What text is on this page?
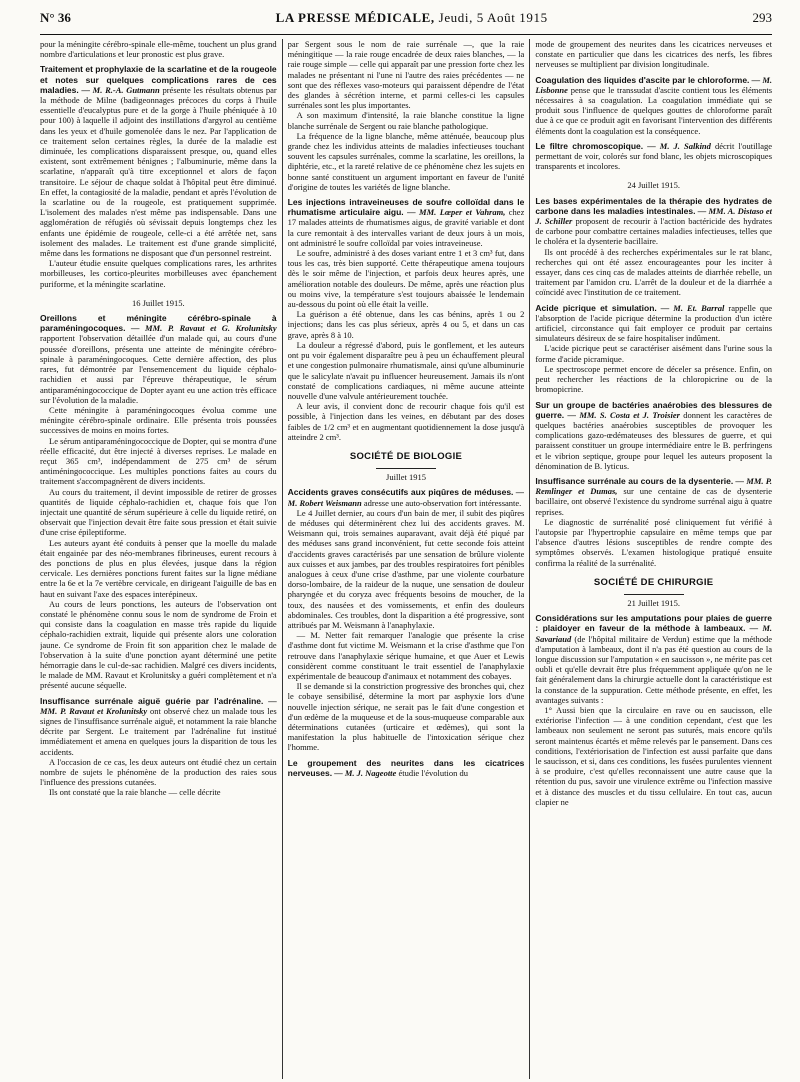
N° 36	LA PRESSE MÉDICALE, Jeudi, 5 Août 1915	293

pour la méningite cérébro-spinale elle-même, touchent un plus grand nombre d'articulations et leur pronostic est plus grave.

Traitement et prophylaxie de la scarlatine et de la rougeole et notes sur quelques complications rares de ces maladies. — M. R.-A. Gutmann présente les résultats obtenus par la méthode de Milne (badigeonnages précoces du corps à l'huile essentielle d'eucalyptus pure et de la gorge à l'huile phéniquée à 10 pour 100) à laquelle il adjoint des instillations d'argyrol au centième dans les yeux et d'huile gomenolée dans le nez. Par l'application de ce traitement selon certaines règles, la durée de la maladie est diminuée, les complications disparaissent presque, ou, quand elles existent, sont extrêmement bénignes ; l'albuminurie, même dans la scarlatine, n'apparaît qu'à titre exceptionnel et alors de façon transitoire. Le séjour de chaque soldat à l'hôpital peut être diminué. En effet, la contagiosité de la maladie, pendant et après l'évolution de la scarlatine ou de la rougeole, est pratiquement supprimée. L'isolement des malades n'est même pas indispensable. Dans une agglomération de réfugiés où sévissait depuis longtemps chez les enfants une épidémie de rougeole, celle-ci a été arrêtée net, sans isolement des malades. Le traitement est d'une grande simplicité, même dans les formations ne disposant que d'un personnel restreint.

L'auteur étudie ensuite quelques complications rares, les arthrites morbilleuses, les cortico-pleurites morbilleuses avec épanchement puriforme, et la méningite scarlatine.

16 Juillet 1915.

Oreillons et méningite cérébro-spinale à paraméningocoques. — MM. P. Ravaut et G. Krolunitsky rapportent l'observation détaillée d'un malade qui, au cours d'une poussée d'oreillons, présenta une atteinte de méningite cérébro-spinale à paraméningocoques. Cette dernière affection, des plus rares, fut démontrée par l'ensemencement du liquide céphalo-rachidien et aussi par l'épreuve thérapeutique, le sérum antiparaméningococcique de Dopter ayant eu une action très efficace sur l'évolution de la maladie.

Cette méningite à paraméningocoques évolua comme une méningite cérébro-spinale ordinaire. Elle présenta trois poussées successives de moins en moins fortes.

Le sérum antiparaméningococcique de Dopter, qui se montra d'une réelle efficacité, dut être injecté à diverses reprises. Le malade en reçut 365 cm³, indépendamment de 275 cm³ de sérum antiméningococcique. Les multiples ponctions faites au cours du traitement s'accompagnèrent de divers incidents.

Au cours du traitement, il devint impossible de retirer de grosses quantités de liquide céphalo-rachidien et, chaque fois que l'on injectait une quantité de sérum supérieure à celle du liquide retiré, on observait que l'injection devait être faite sous pression et était suivie d'une crise épileptiforme.

Les auteurs ayant été conduits à penser que la moelle du malade était engainée par des néo-membranes fibrineuses, eurent recours à des ponctions de plus en plus élevées, jusque dans la région cervicale. Les dernières ponctions furent faites sur la ligne médiane entre la 6e et la 7e vertèbre cervicale, en dirigeant l'aiguille de bas en haut en suivant l'axe des espaces interépineux.

Au cours de leurs ponctions, les auteurs de l'observation ont constaté le phénomène connu sous le nom de syndrome de Froin et qui consiste dans la coagulation en masse très rapide du liquide céphalo-rachidien extrait, liquide qui présente alors une coloration jaune. Ce syndrome de Froin fit son apparition chez le malade de l'observation à la suite d'une ponction ayant déterminé une petite hémorragie dans le cul-de-sac rachidien. Malgré ces divers incidents, le malade de MM. Ravaut et Krolunitsky a guéri complètement et n'a présenté aucune séquelle.

Insuffisance surrénale aiguë guérie par l'adrénaline. — MM. P. Ravaut et Krolunitsky ont observé chez un malade tous les signes de l'insuffisance surrénale aiguë, et notamment la raie blanche décrite par Sergent. Le traitement par l'adrénaline fut institué immédiatement et amena en quelques jours la disparition de tous les accidents.

A l'occasion de ce cas, les deux auteurs ont étudié chez un certain nombre de sujets le phénomène de la production des raies sous l'influence des pressions cutanées.

Ils ont constaté que la raie blanche — celle décrite

par Sergent sous le nom de raie surrénale —, que la raie méningitique — la raie rouge encadrée de deux raies blanches, — la raie rouge simple — celle qui apparaît par une pression forte chez les malades ne présentant ni l'une ni l'autre des raies précédentes — ne sont que des réflexes vaso-moteurs qui paraissent dépendre de l'état des glandes à sécrétion interne, et parmi celles-ci les capsules surrénales sont les plus importantes.

A son maximum d'intensité, la raie blanche constitue la ligne blanche surrénale de Sergent ou raie blanche pathologique.

La fréquence de la ligne blanche, même atténuée, beaucoup plus grande chez les individus atteints de maladies infectieuses touchant souvent les capsules surrénales, comme la scarlatine, les oreillons, la diphtérie, etc., et la rareté relative de ce phénomène chez les sujets en bonne santé constituent un argument important en faveur de l'unité d'origine de toutes les variétés de ligne blanche.

Les injections intraveineuses de soufre colloïdal dans le rhumatisme articulaire aigu. — MM. Lœper et Vahram, chez 17 malades atteints de rhumatismes aigus, de gravité variable et dont la cure remontait à des intervalles variant de deux jours à un mois, ont administré le soufre colloïdal par voies intraveineuse.

Le soufre, administré à des doses variant entre 1 et 3 cm³ fut, dans tous les cas, très bien supporté. Cette thérapeutique amena toujours dès le soir même de l'injection, et parfois deux heures après, une amélioration notable des douleurs. De même, après une réaction plus ou moins vive, la température s'est toujours abaissée le lendemain au-dessous du point où elle était la veille.

La guérison a été obtenue, dans les cas bénins, après 1 ou 2 injections; dans les cas plus sérieux, après 4 ou 5, et dans un cas grave, après 8 à 10.

La douleur a régressé d'abord, puis le gonflement, et les auteurs ont pu voir également disparaître peu à peu un échauffement pleural et une congestion pulmonaire rhumatismale, ainsi qu'une albuminurie que le salicylate n'avait pu influencer heureusement. Jamais ils n'ont constaté de complications cardiaques, ni même aucune atteinte nouvelle d'une valvule antérieurement touchée.

A leur avis, il convient donc de recourir chaque fois qu'il est possible, à l'injection dans les veines, en débutant par des doses faibles de 1/2 cm³ et en augmentant quotidiennement la dose jusqu'à atteindre 2 cm³.

SOCIÉTÉ DE BIOLOGIE
Juillet 1915

Accidents graves consécutifs aux piqûres de méduses. — M. Robert Weismann adresse une auto-observation fort intéressante.

Le 4 Juillet dernier, au cours d'un bain de mer, il subit des piqûres de méduses qui déterminèrent chez lui des accidents graves. M. Weismann qui, trois semaines auparavant, avait déjà été piqué par des méduses sans grand inconvénient, fut cette seconde fois atteint d'accidents graves caractérisés par une sensation de brûlure violente aux cuisses et aux jambes, par des troubles respiratoires fort pénibles analogues à ceux d'une crise d'asthme, par une violente courbature dorso-lombaire, de la raideur de la nuque, une sensation de douleur pharyngée et du coryza avec fréquents besoins de moucher, de la toux, des nausées et des vomissements, et enfin des douleurs abdominales. Ces troubles, dont la disparition a été progressive, sont attribués par M. Weismann à l'anaphylaxie.

— M. Netter fait remarquer l'analogie que présente la crise d'asthme dont fut victime M. Weismann et la crise d'asthme que l'on retrouve dans l'anaphylaxie sérique humaine, et que Auer et Lewis considèrent comme constituant le trait essentiel de l'anaphylaxie expérimentale de beaucoup d'animaux et notamment des cobayes.

Il se demande si la constriction progressive des bronches qui, chez le cobaye sensibilisé, détermine la mort par asphyxie lors d'une nouvelle injection sérique, ne serait pas le fait d'une congestion et d'un œdème de la muqueuse et de la sous-muqueuse comparable aux déterminations cutanées (urticaire et œdèmes), qui sont la manifestation la plus habituelle de l'intoxication sérique chez l'homme.

Le groupement des neurites dans les cicatrices nerveuses. — M. J. Nageotte étudie l'évolution du

mode de groupement des neurites dans les cicatrices nerveuses et constate en particulier que dans les cicatrices des nerfs, les fibres nerveuses se multiplient par division longitudinale.

Coagulation des liquides d'ascite par le chloroforme. — M. Lisbonne pense que le transsudat d'ascite contient tous les éléments nécessaires à sa coagulation. La coagulation immédiate qui se produit sous l'influence de quelques gouttes de chloroforme paraît due à ce que ce produit agit en favorisant l'intervention des différents éléments dont la coagulation est la conséquence.

Le filtre chromoscopique. — M. J. Salkind décrit l'outillage permettant de voir, colorés sur fond blanc, les objets microscopiques transparents et incolores.

24 Juillet 1915.

Les bases expérimentales de la thérapie des hydrates de carbone dans les maladies intestinales. — MM. A. Distaso et J. Schiller proposent de recourir à l'action bactéricide des hydrates de carbone pour combattre certaines maladies infectieuses, telles que le choléra et la dysenterie bacillaire.

Ils ont procédé à des recherches expérimentales sur le rat blanc, recherches qui ont été assez encourageantes pour les inciter à essayer, dans ces cinq cas de malades atteints de diarrhée rebelle, un traitement par l'amidon cru. L'arrêt de la douleur et de la diarrhée a coïncidé avec l'institution de ce traitement.

Acide picrique et simulation. — M. Et. Barral rappelle que l'absorption de l'acide picrique détermine la production d'un ictère artificiel, circonstance qui fait employer ce produit par certains simulateurs désireux de se faire hospitaliser indûment.

L'acide picrique peut se caractériser aisément dans l'urine sous la forme d'acide picramique.

Le spectroscope permet encore de déceler sa présence. Enfin, on peut rechercher les réactions de la chloropicrine ou de la bromopicrine.

Sur un groupe de bactéries anaérobies des blessures de guerre. — MM. S. Costa et J. Troisier donnent les caractères de quelques bactéries anaérobies susceptibles de provoquer les complications gazo-œdémateuses des blessures de guerre, et qui paraissent constituer un groupe intermédiaire entre le B. perfringens et le vibrion septique, groupe pour lequel les auteurs proposent la dénomination de B. lyticus.

Insuffisance surrénale au cours de la dysenterie. — MM. P. Remlinger et Dumas, sur une centaine de cas de dysenterie bacillaire, ont observé l'existence du syndrome surrénal aigu à quatre reprises.

Le diagnostic de surrénalité posé cliniquement fut vérifié à l'autopsie par l'hypertrophie capsulaire en même temps que par l'absence d'autres lésions susceptibles de rendre compte des symptômes observés. L'examen histologique pratiqué ensuite confirma la réalité de la surrénalité.

SOCIÉTÉ DE CHIRURGIE
21 Juillet 1915.

Considérations sur les amputations pour plaies de guerre : plaidoyer en faveur de la méthode à lambeaux. — M. Savariaud (de l'hôpital militaire de Verdun) estime que la méthode d'amputation à lambeaux, dont il n'a pas été question au cours de la longue discussion sur l'amputation « en saucisson », ne mérite pas cet oubli et qu'elle devrait être plus fréquemment appliquée qu'on ne le fait généralement dans la chirurgie actuelle dont la caractéristique est la constance de la suppuration. Cette méthode présente, en effet, les avantages suivants :

1° Aussi bien que la circulaire en rave ou en saucisson, elle extériorise l'infection — à une condition cependant, c'est que les lambeaux non seulement ne seront pas suturés, mais encore qu'ils seront maintenus écartés et même relevés par le pansement. Dans ces conditions, l'extériorisation de l'infection est aussi parfaite que dans le saucisson, et si, dans ces conditions, les fusées purulentes viennent à se produire, c'est qu'elles reconnaissent une autre cause que la rétention du pus, savoir une virulence extrême ou l'infection massive et à distance des muscles et du tissu cellulaire. En tout cas, aucun clapier ne
